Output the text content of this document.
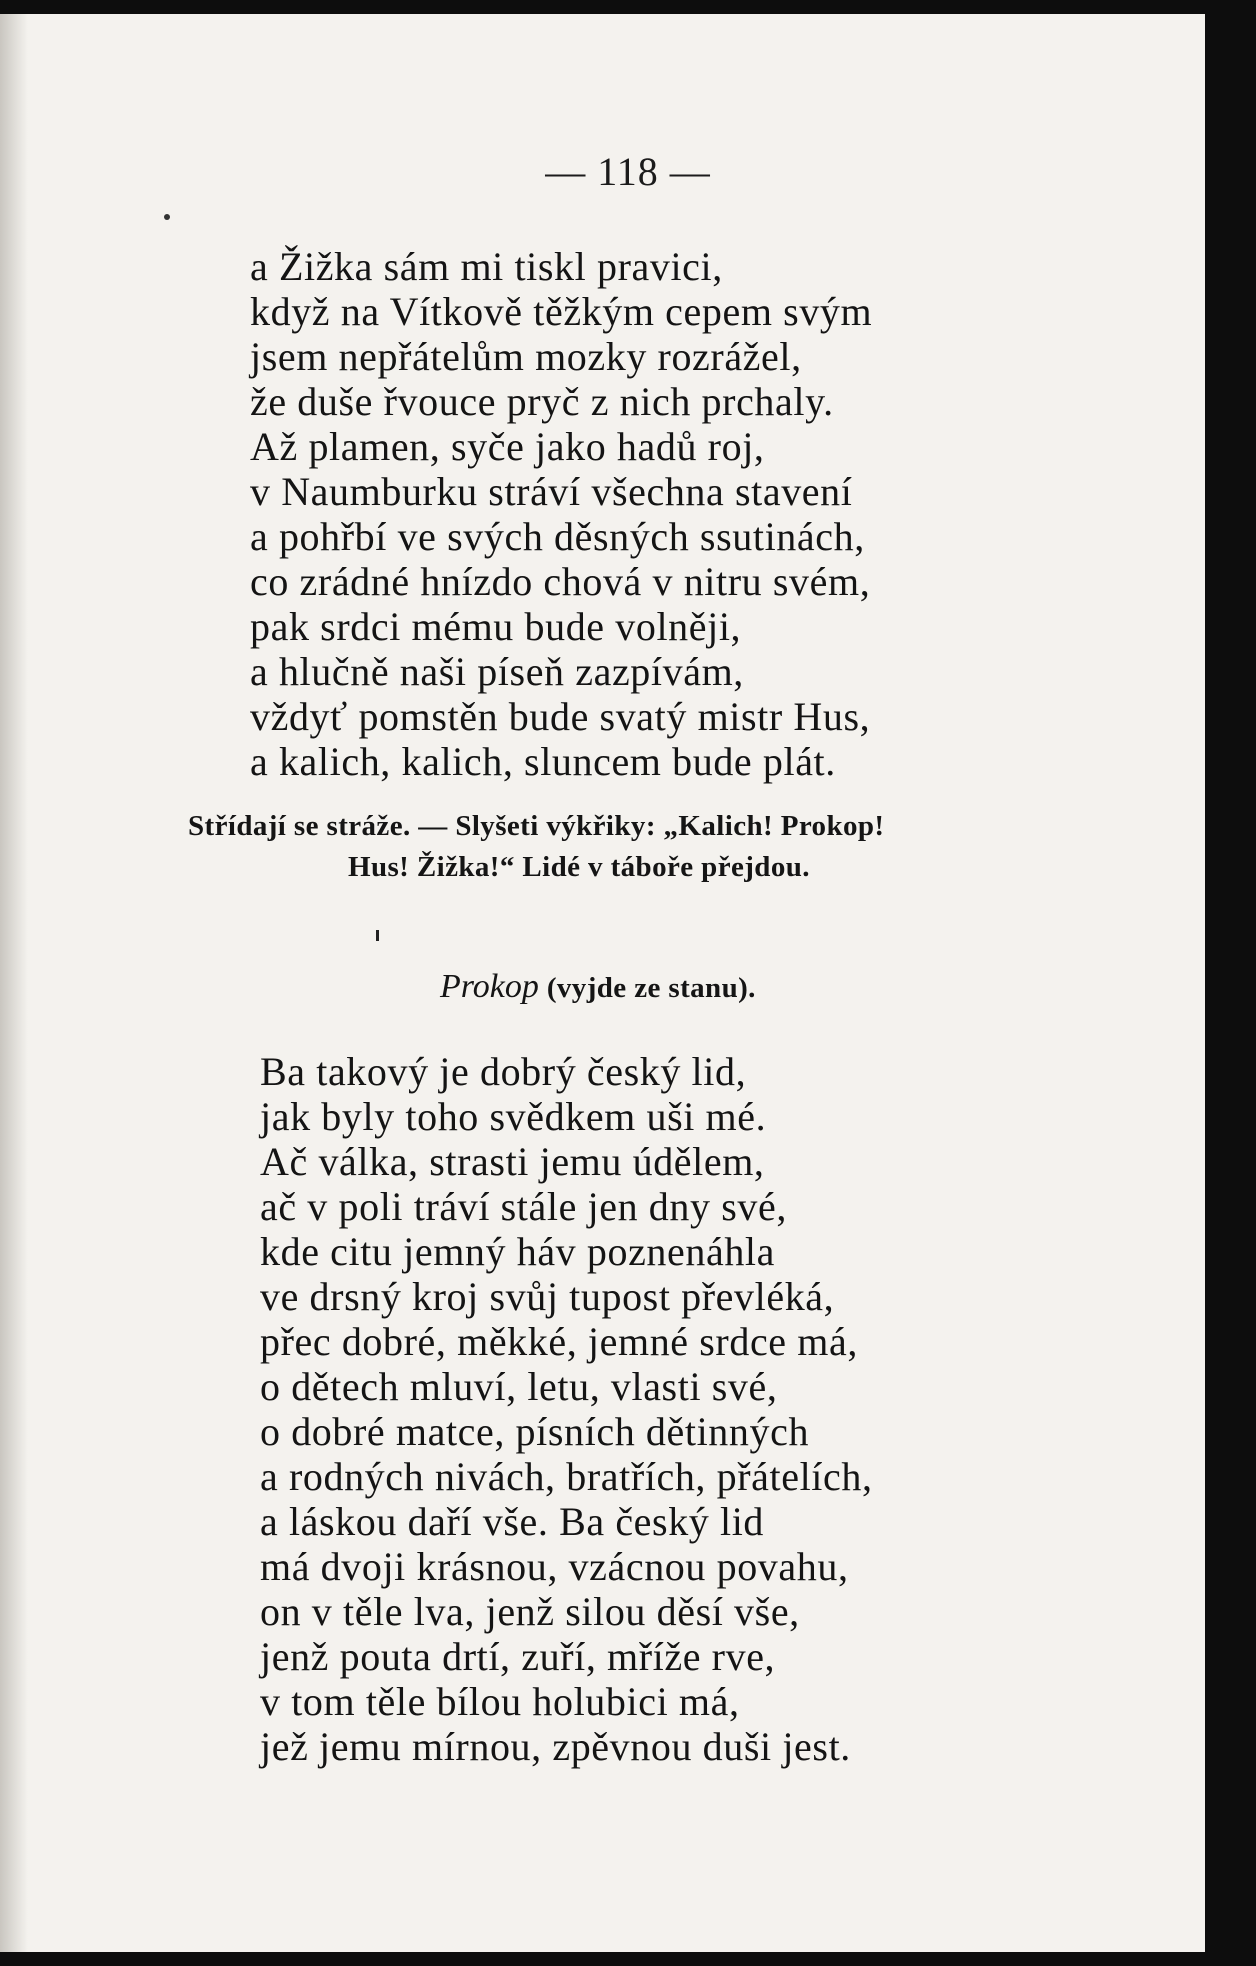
— 118 —
a Žižka sám mi tiskl pravici,
když na Vítkově těžkým cepem svým
jsem nepřátelům mozky rozrážel,
že duše řvouce pryč z nich prchaly.
Až plamen, syče jako hadů roj,
v Naumburku stráví všechna stavení
a pohřbí ve svých děsných ssutinách,
co zrádné hnízdo chová v nitru svém,
pak srdci mému bude volněji,
a hlučně naši píseň zazpívám,
vždyť pomstěn bude svatý mistr Hus,
a kalich, kalich, sluncem bude plát.
Střídají se stráže. — Slyšeti výkřiky: „Kalich! Prokop!
Hus! Žižka!“ Lidé v táboře přejdou.
Prokop (vyjde ze stanu).
Ba takový je dobrý český lid,
jak byly toho svědkem uši mé.
Ač válka, strasti jemu údělem,
ač v poli tráví stále jen dny své,
kde citu jemný háv poznenáhla
ve drsný kroj svůj tupost převléká,
přec dobré, měkké, jemné srdce má,
o dětech mluví, letu, vlasti své,
o dobré matce, písních dětinných
a rodných nivách, bratřích, přátelích,
a láskou daří vše. Ba český lid
má dvoji krásnou, vzácnou povahu,
on v těle lva, jenž silou děsí vše,
jenž pouta drtí, zuří, mříže rve,
v tom těle bílou holubici má,
jež jemu mírnou, zpěvnou duši jest.
